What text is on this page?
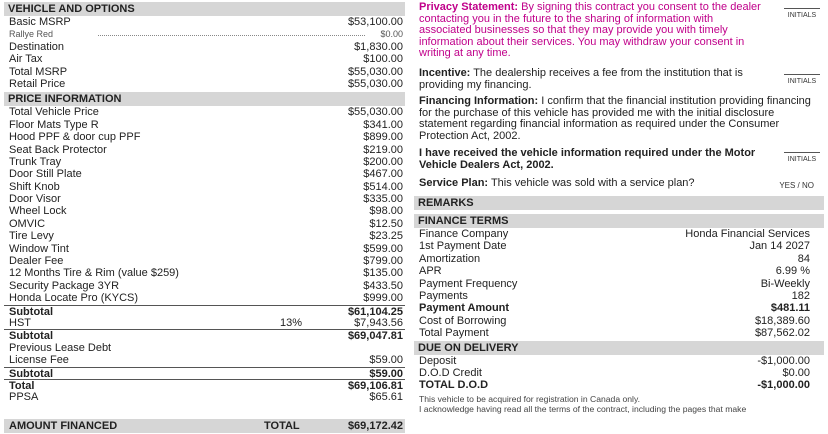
VEHICLE AND OPTIONS
Basic MSRP	$53,100.00
Rallye Red	$0.00
Destination	$1,830.00
Air Tax	$100.00
Total MSRP	$55,030.00
Retail Price	$55,030.00
PRICE INFORMATION
Total Vehicle Price	$55,030.00
Floor Mats Type R	$341.00
Hood PPF & door cup PPF	$899.00
Seat Back Protector	$219.00
Trunk Tray	$200.00
Door Still Plate	$467.00
Shift Knob	$514.00
Door Visor	$335.00
Wheel Lock	$98.00
OMVIC	$12.50
Tire Levy	$23.25
Window Tint	$599.00
Dealer Fee	$799.00
12 Months Tire & Rim (value $259)	$135.00
Security Package 3YR	$433.50
Honda Locate Pro (KYCS)	$999.00
Subtotal	$61,104.25
HST	13%	$7,943.56
Subtotal	$69,047.81
Previous Lease Debt
License Fee	$59.00
Subtotal	$59.00
Total	$69,106.81
PPSA	$65.61
AMOUNT FINANCED	TOTAL	$69,172.42
Privacy Statement: By signing this contract you consent to the dealer contacting you in the future to the sharing of information with associated businesses so that they may provide you with timely information about their services. You may withdraw your consent in writing at any time.
INITIALS
Incentive: The dealership receives a fee from the institution that is providing my financing.	INITIALS
Financing Information: I confirm that the financial institution providing financing for the purchase of this vehicle has provided me with the initial disclosure statement regarding financial information as required under the Consumer Protection Act, 2002.
I have received the vehicle information required under the Motor Vehicle Dealers Act, 2002.	INITIALS
Service Plan: This vehicle was sold with a service plan?	YES / NO
REMARKS
FINANCE TERMS
Finance Company	Honda Financial Services
1st Payment Date	Jan 14 2027
Amortization	84
APR	6.99 %
Payment Frequency	Bi-Weekly
Payments	182
Payment Amount	$481.11
Cost of Borrowing	$18,389.60
Total Payment	$87,562.02
DUE ON DELIVERY
Deposit	-$1,000.00
D.O.D Credit	$0.00
TOTAL D.O.D	-$1,000.00
This vehicle to be acquired for registration in Canada only.
I acknowledge having read all the terms of the contract, including the pages that make
